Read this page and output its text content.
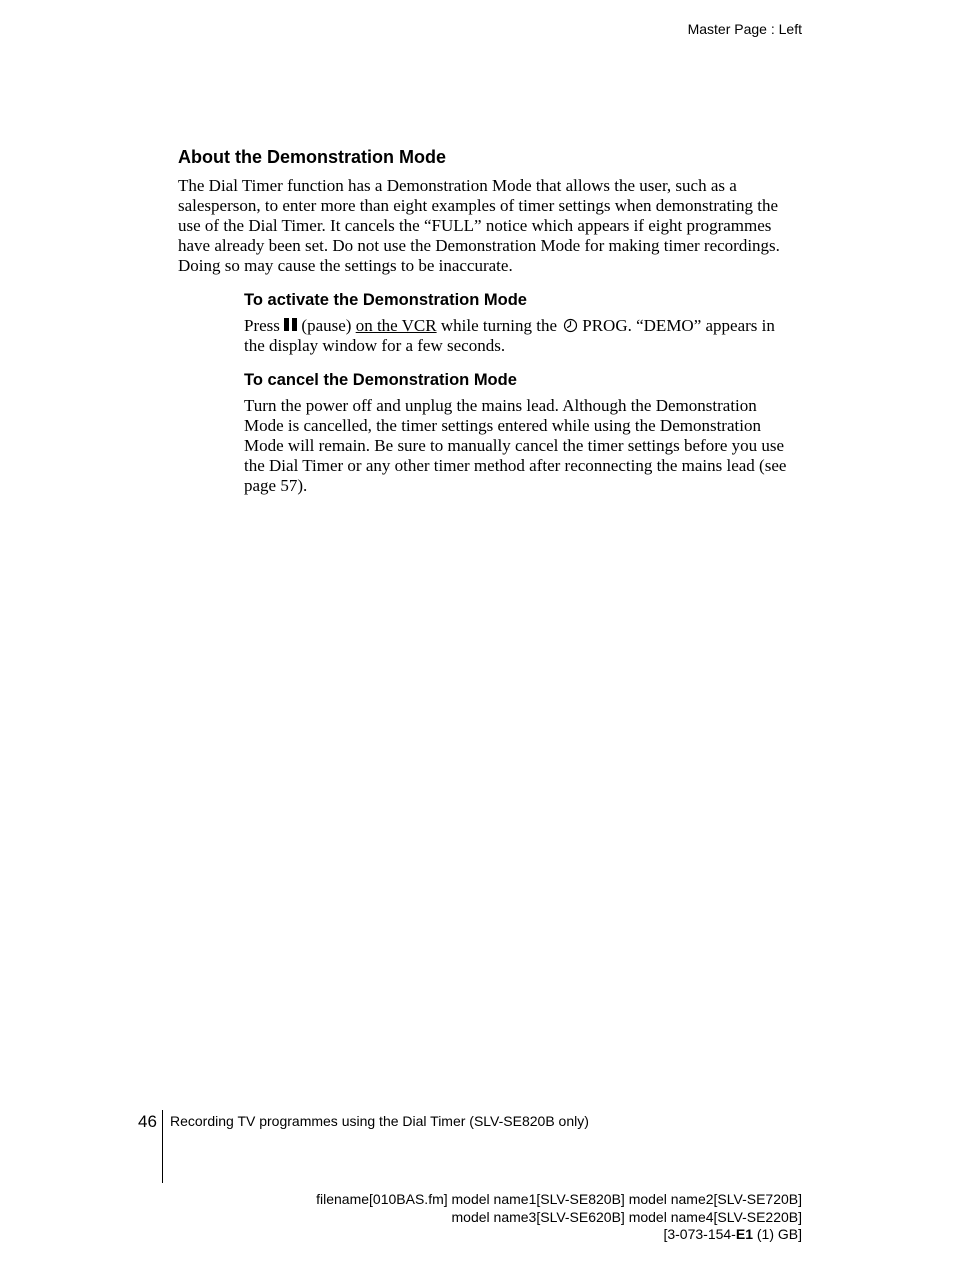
Master Page : Left
About the Demonstration Mode

The Dial Timer function has a Demonstration Mode that allows the user, such as a salesperson, to enter more than eight examples of timer settings when demonstrating the use of the Dial Timer. It cancels the “FULL” notice which appears if eight programmes have already been set. Do not use the Demonstration Mode for making timer recordings. Doing so may cause the settings to be inaccurate.

To activate the Demonstration Mode

Press  (pause) on the VCR while turning the PROG. “DEMO” appears in the display window for a few seconds.

To cancel the Demonstration Mode

Turn the power off and unplug the mains lead. Although the Demonstration Mode is cancelled, the timer settings entered while using the Demonstration Mode will remain. Be sure to manually cancel the timer settings before you use the Dial Timer or any other timer method after reconnecting the mains lead (see page 57).

46 Recording TV programmes using the Dial Timer (SLV-SE820B only)
filename[010BAS.fm] model name1[SLV-SE820B] model name2[SLV-SE720B]
model name3[SLV-SE620B] model name4[SLV-SE220B]
[3-073-154-E1 (1) GB]
